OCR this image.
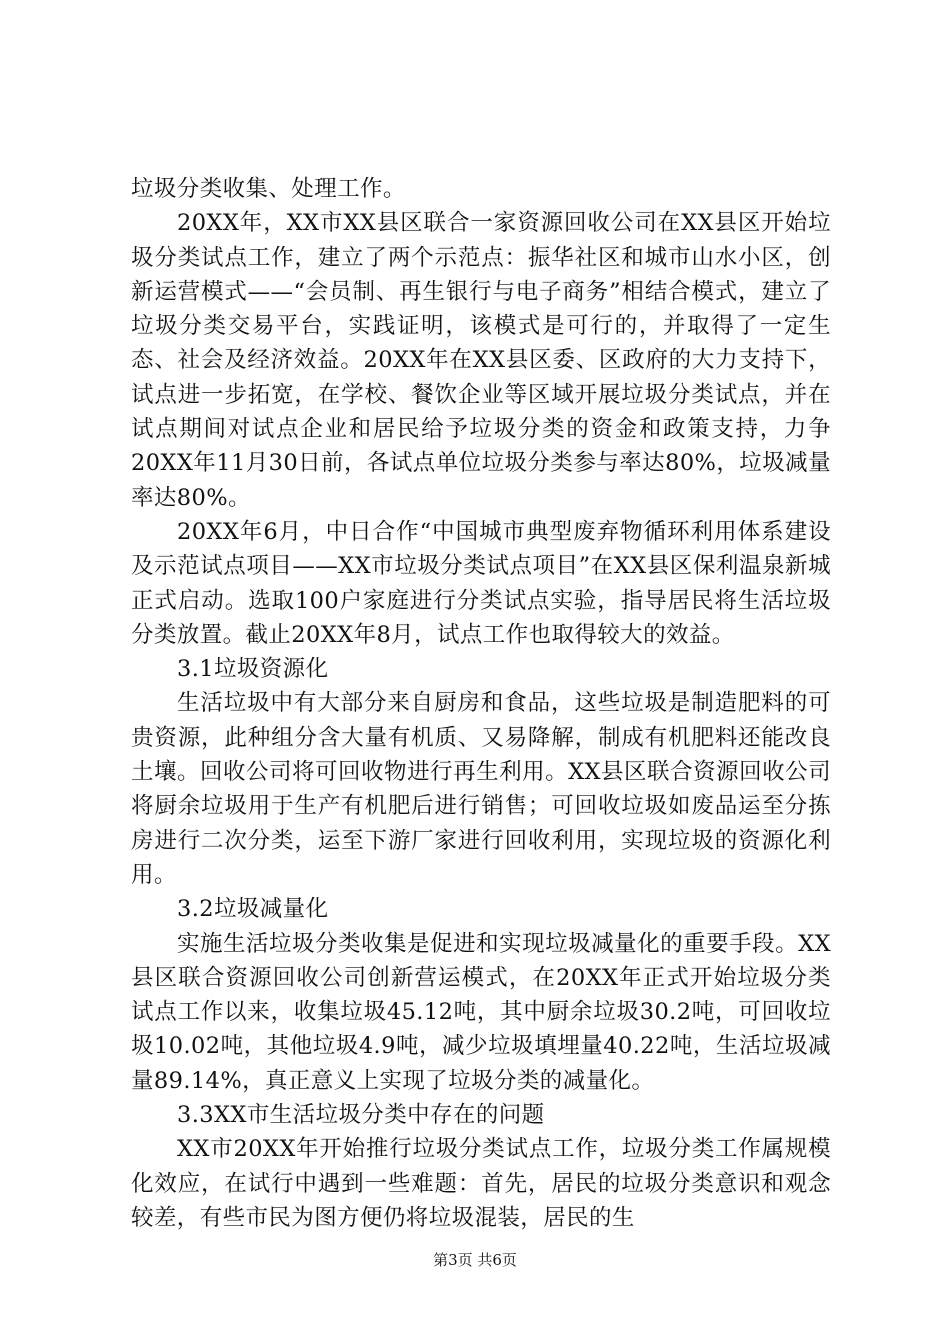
垃圾分类收集、处理工作。

20XX年，XX市XX县区联合一家资源回收公司在XX县区开始垃圾分类试点工作，建立了两个示范点：振华社区和城市山水小区，创新运营模式——“会员制、再生银行与电子商务”相结合模式，建立了垃圾分类交易平台，实践证明，该模式是可行的，并取得了一定生态、社会及经济效益。20XX年在XX县区委、区政府的大力支持下，试点进一步拓宽，在学校、餐饮企业等区域开展垃圾分类试点，并在试点期间对试点企业和居民给予垃圾分类的资金和政策支持，力争20XX年11月30日前，各试点单位垃圾分类参与率达80%，垃圾减量率达80%。

20XX年6月，中日合作“中国城市典型废弃物循环利用体系建设及示范试点项目——XX市垃圾分类试点项目”在XX县区保利温泉新城正式启动。选取100户家庭进行分类试点实验，指导居民将生活垃圾分类放置。截止20XX年8月，试点工作也取得较大的效益。

3.1垃圾资源化

生活垃圾中有大部分来自厨房和食品，这些垃圾是制造肥料的可贵资源，此种组分含大量有机质、又易降解，制成有机肥料还能改良土壤。回收公司将可回收物进行再生利用。XX县区联合资源回收公司将厨余垃圾用于生产有机肥后进行销售；可回收垃圾如废品运至分拣房进行二次分类，运至下游厂家进行回收利用，实现垃圾的资源化利用。

3.2垃圾减量化

实施生活垃圾分类收集是促进和实现垃圾减量化的重要手段。XX县区联合资源回收公司创新营运模式，在20XX年正式开始垃圾分类试点工作以来，收集垃圾45.12吨，其中厨余垃圾30.2吨，可回收垃圾10.02吨，其他垃圾4.9吨，减少垃圾填埋量40.22吨，生活垃圾减量89.14%，真正意义上实现了垃圾分类的减量化。

3.3XX市生活垃圾分类中存在的问题

XX市20XX年开始推行垃圾分类试点工作，垃圾分类工作属规模化效应，在试行中遇到一些难题：首先，居民的垃圾分类意识和观念较差，有些市民为图方便仍将垃圾混装，居民的生

第3页 共6页
